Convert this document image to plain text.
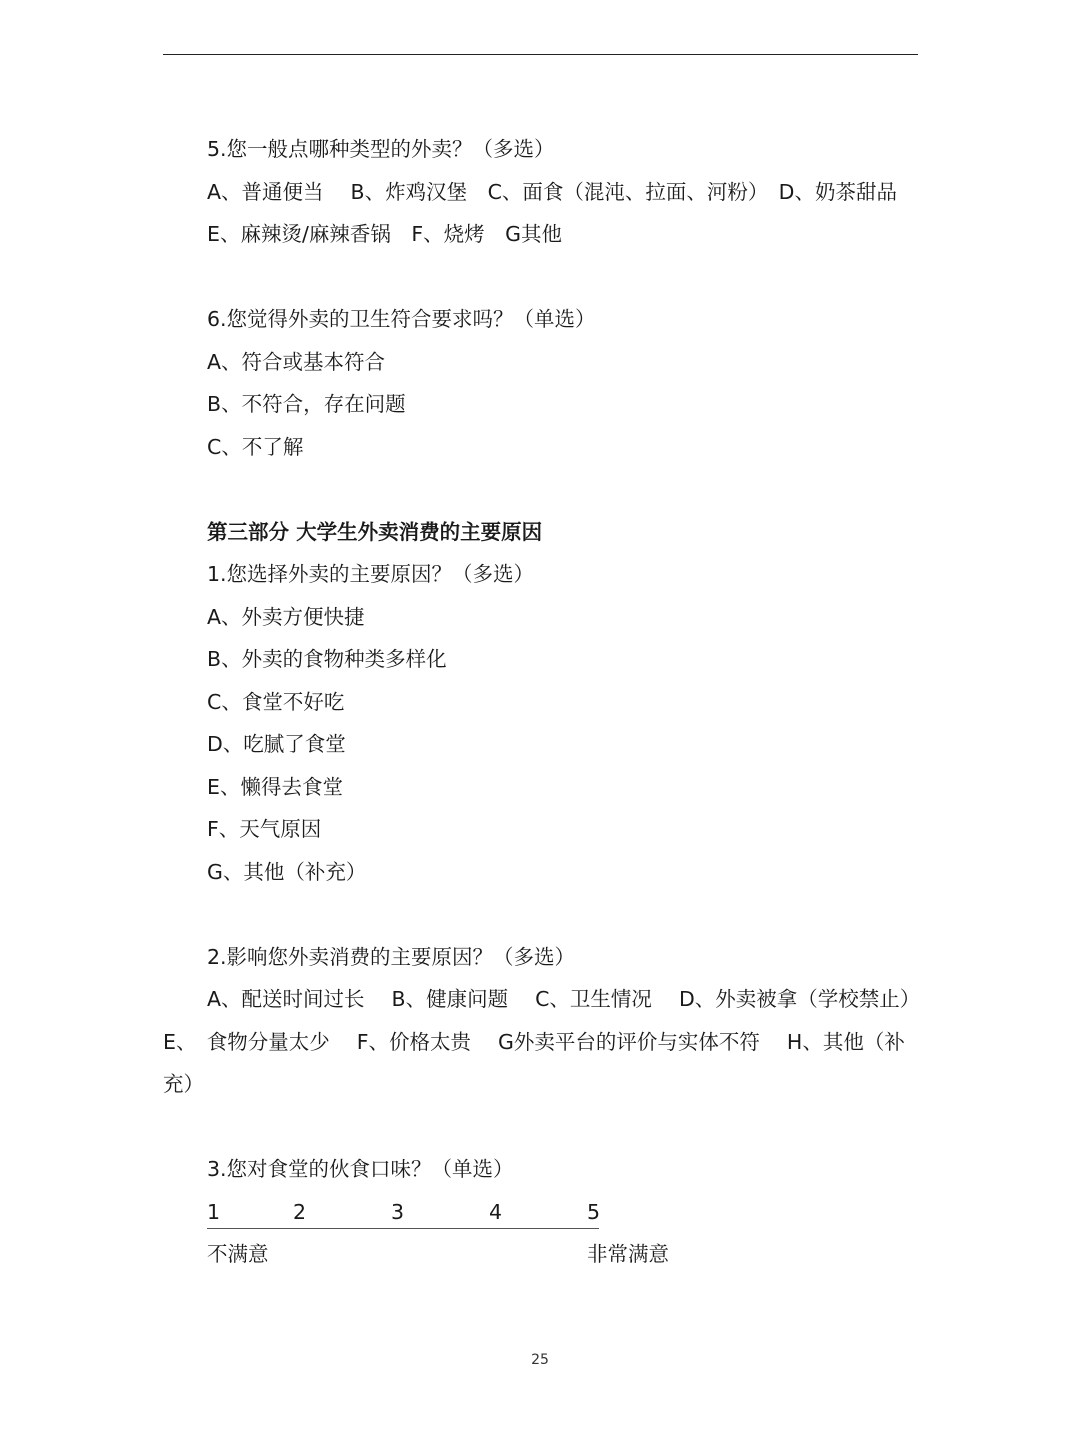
5.您一般点哪种类型的外卖？（多选）

A、普通便当　 B、炸鸡汉堡　C、面食（混沌、拉面、河粉）　D、奶茶甜品

E、麻辣烫/麻辣香锅　F、烧烤　G其他

6.您觉得外卖的卫生符合要求吗？（单选）

A、符合或基本符合

B、不符合，存在问题

C、不了解

第三部分 大学生外卖消费的主要原因

1.您选择外卖的主要原因？（多选）

A、外卖方便快捷

B、外卖的食物种类多样化

C、食堂不好吃

D、吃腻了食堂

E、懒得去食堂

F、天气原因

G、其他（补充）

2.影响您外卖消费的主要原因？（多选）

A、配送时间过长　 B、健康问题　 C、卫生情况　 D、外卖被拿（学校禁止）　E、　食物分量太少　 F、价格太贵　 G外卖平台的评价与实体不符　 H、其他（补充）

3.您对食堂的伙食口味？（单选）

1	2	3	4	5
不满意	非常满意
25
